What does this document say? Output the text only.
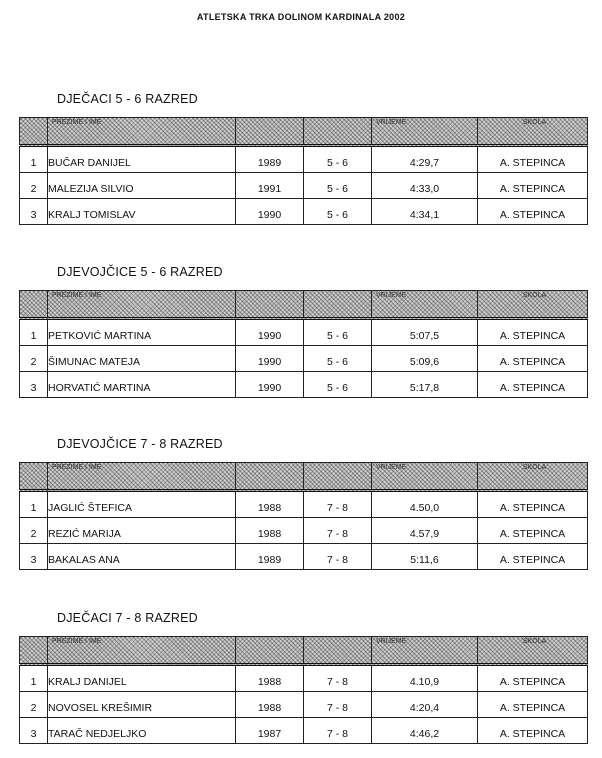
ATLETSKA TRKA DOLINOM KARDINALA 2002
DJEČACI 5 - 6 RAZRED
	PREZIME I IME			VRIJEME	ŠKOLA
1	BUČAR DANIJEL	1989	5 - 6	4:29,7	A. STEPINCA
2	MALEZIJA SILVIO	1991	5 - 6	4:33,0	A. STEPINCA
3	KRALJ TOMISLAV	1990	5 - 6	4:34,1	A. STEPINCA
DJEVOJČICE 5 - 6 RAZRED
	PREZIME I IME			VRIJEME	ŠKOLA
1	PETKOVIĆ MARTINA	1990	5 - 6	5:07,5	A. STEPINCA
2	ŠIMUNAC MATEJA	1990	5 - 6	5:09,6	A. STEPINCA
3	HORVATIĆ MARTINA	1990	5 - 6	5:17,8	A. STEPINCA
DJEVOJČICE 7 - 8 RAZRED
	PREZIME I IME			VRIJEME	ŠKOLA
1	JAGLIĆ ŠTEFICA	1988	7 - 8	4.50,0	A. STEPINCA
2	REZIĆ MARIJA	1988	7 - 8	4.57,9	A. STEPINCA
3	BAKALAS ANA	1989	7 - 8	5:11,6	A. STEPINCA
DJEČACI 7 - 8 RAZRED
	PREZIME I IME			VRIJEME	ŠKOLA
1	KRALJ DANIJEL	1988	7 - 8	4.10,9	A. STEPINCA
2	NOVOSEL KREŠIMIR	1988	7 - 8	4:20,4	A. STEPINCA
3	TARAČ NEDJELJKO	1987	7 - 8	4:46,2	A. STEPINCA
